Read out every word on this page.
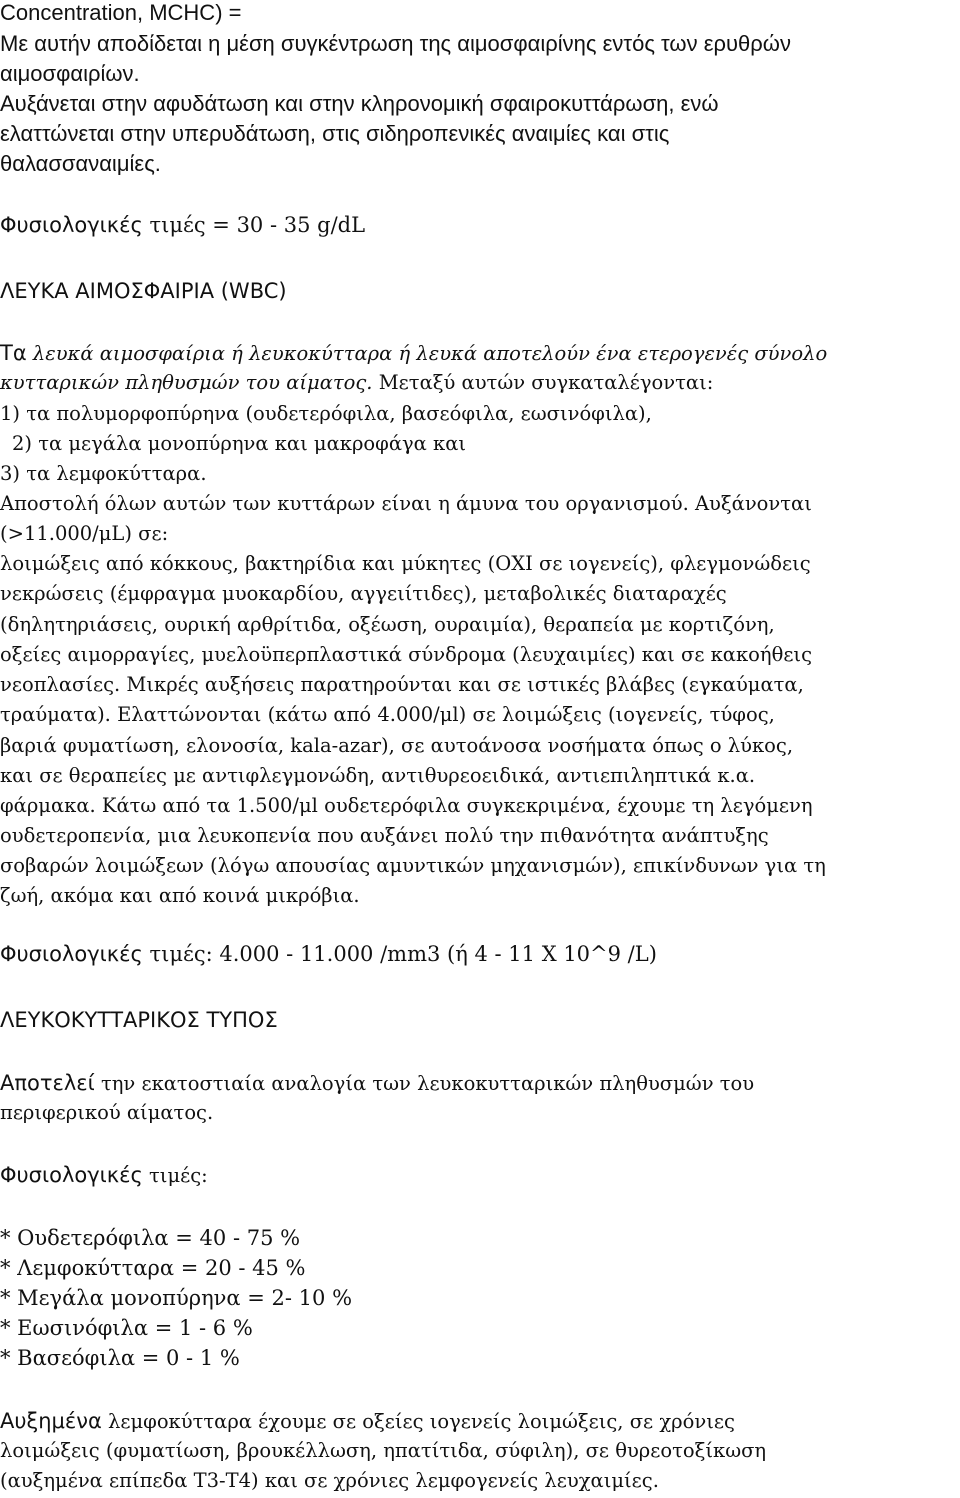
Concentration, MCHC) =

Με αυτήν αποδίδεται η μέση συγκέντρωση της αιμοσφαιρίνης εντός των ερυθρών

αιμοσφαιρίων.

Αυξάνεται στην αφυδάτωση και στην κληρονομική σφαιροκυττάρωση, ενώ

ελαττώνεται στην υπερυδάτωση, στις σιδηροπενικές αναιμίες και στις

θαλασσαναιμίες.

Φυσιολογικές τιμές = 30 - 35 g/dL

ΛΕΥΚΑ ΑΙΜΟΣΦΑΙΡΙΑ (WBC)

Τα λευκά αιμοσφαίρια ή λευκοκύτταρα ή λευκά αποτελούν ένα ετερογενές σύνολο

κυτταρικών πληθυσμών του αίματος. Μεταξύ αυτών συγκαταλέγονται:

1) τα πολυμορφοπύρηνα (ουδετερόφιλα, βασεόφιλα, εωσινόφιλα),

2) τα μεγάλα μονοπύρηνα και μακροφάγα και

3) τα λεμφοκύτταρα.

Αποστολή όλων αυτών των κυττάρων είναι η άμυνα του οργανισμού. Αυξάνονται

(>11.000/μL) σε:

λοιμώξεις από κόκκους, βακτηρίδια και μύκητες (ΟΧΙ σε ιογενείς), φλεγμονώδεις

νεκρώσεις (έμφραγμα μυοκαρδίου, αγγειίτιδες), μεταβολικές διαταραχές

(δηλητηριάσεις, ουρική αρθρίτιδα, οξέωση, ουραιμία), θεραπεία με κορτιζόνη,

οξείες αιμορραγίες, μυελοϋπερπλαστικά σύνδρομα (λευχαιμίες) και σε κακοήθεις

νεοπλασίες. Μικρές αυξήσεις παρατηρούνται και σε ιστικές βλάβες (εγκαύματα,

τραύματα). Ελαττώνονται (κάτω από 4.000/μl) σε λοιμώξεις (ιογενείς, τύφος,

βαριά φυματίωση, ελονοσία, kala-azar), σε αυτοάνοσα νοσήματα όπως ο λύκος,

και σε θεραπείες με αντιφλεγμονώδη, αντιθυρεοειδικά, αντιεπιληπτικά κ.α.

φάρμακα. Κάτω από τα 1.500/μl ουδετερόφιλα συγκεκριμένα, έχουμε τη λεγόμενη

ουδετεροπενία, μια λευκοπενία που αυξάνει πολύ την πιθανότητα ανάπτυξης

σοβαρών λοιμώξεων (λόγω απουσίας αμυντικών μηχανισμών), επικίνδυνων για τη

ζωή, ακόμα και από κοινά μικρόβια.

Φυσιολογικές τιμές: 4.000 - 11.000 /mm3 (ή 4 - 11 X 10^9 /L)

ΛΕΥΚΟΚΥΤΤΑΡΙΚΟΣ ΤΥΠΟΣ

Αποτελεί την εκατοστιαία αναλογία των λευκοκυτταρικών πληθυσμών του

περιφερικού αίματος.

Φυσιολογικές τιμές:

* Ουδετερόφιλα = 40 - 75 %

* Λεμφοκύτταρα = 20 - 45 %

* Μεγάλα μονοπύρηνα = 2- 10 %

* Εωσινόφιλα = 1 - 6 %

* Βασεόφιλα = 0 - 1 %

Αυξημένα λεμφοκύτταρα έχουμε σε οξείες ιογενείς λοιμώξεις, σε χρόνιες

λοιμώξεις (φυματίωση, βρουκέλλωση, ηπατίτιδα, σύφιλη), σε θυρεοτοξίκωση

(αυξημένα επίπεδα Τ3-Τ4) και σε χρόνιες λεμφογενείς λευχαιμίες.
